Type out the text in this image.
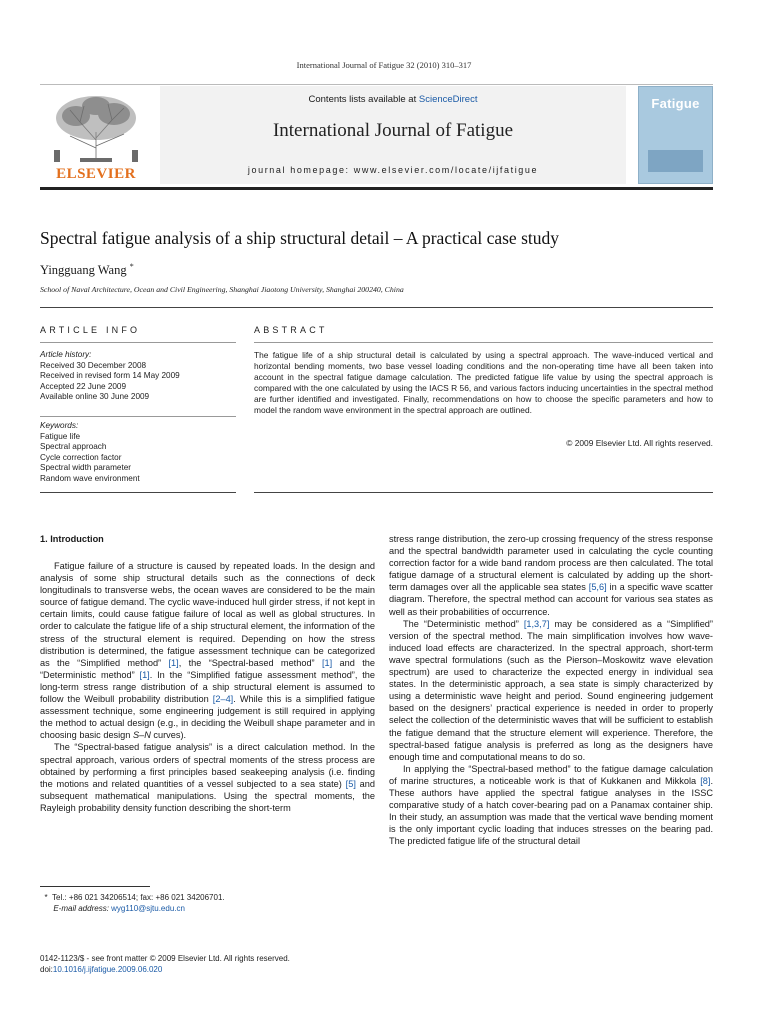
International Journal of Fatigue 32 (2010) 310–317
ELSEVIER
Contents lists available at ScienceDirect
International Journal of Fatigue
journal homepage: www.elsevier.com/locate/ijfatigue
Fatigue
Spectral fatigue analysis of a ship structural detail – A practical case study
Yingguang Wang *
School of Naval Architecture, Ocean and Civil Engineering, Shanghai Jiaotong University, Shanghai 200240, China
ARTICLE INFO
Article history:
Received 30 December 2008
Received in revised form 14 May 2009
Accepted 22 June 2009
Available online 30 June 2009
Keywords:
Fatigue life
Spectral approach
Cycle correction factor
Spectral width parameter
Random wave environment
ABSTRACT
The fatigue life of a ship structural detail is calculated by using a spectral approach. The wave-induced vertical and horizontal bending moments, two base vessel loading conditions and the non-operating time have all been taken into account in the spectral fatigue damage calculation. The predicted fatigue life value by using the spectral approach is compared with the one calculated by using the IACS R 56, and various factors inducing uncertainties in the spectral method are further identified and investigated. Finally, recommendations on how to choose the specific parameters and how to model the random wave environment in the spectral approach are outlined.
© 2009 Elsevier Ltd. All rights reserved.
1. Introduction

Fatigue failure of a structure is caused by repeated loads. In the design and analysis of some ship structural details such as the connections of deck longitudinals to transverse webs, the ocean waves are considered to be the main source of fatigue demand. The cyclic wave-induced hull girder stress, if not kept in certain limits, could cause fatigue failure of local as well as global structures. In order to calculate the fatigue life of a ship structural element, the information of the stress of the structural element is required. Depending on how the stress distribution is determined, the fatigue assessment technique can be categorized as the “Simplified method” [1], the “Spectral-based method” [1] and the “Deterministic method” [1]. In the “Simplified fatigue assessment method”, the long-term stress range distribution of a ship structural element is assumed to follow the Weibull probability distribution [2–4]. While this is a simplified fatigue assessment technique, some engineering judgement is still required in applying the method to actual design (e.g., in deciding the Weibull shape parameter and in choosing basic design S–N curves).

The “Spectral-based fatigue analysis” is a direct calculation method. In the spectral approach, various orders of spectral moments of the stress process are obtained by performing a first principles based seakeeping analysis (i.e. finding the motions and related quantities of a vessel subjected to a sea state) [5] and subsequent mathematical manipulations. Using the spectral moments, the Rayleigh probability density function describing the short-term

stress range distribution, the zero-up crossing frequency of the stress response and the spectral bandwidth parameter used in calculating the cycle counting correction factor for a wide band random process are then calculated. The total fatigue damage of a structural element is calculated by adding up the short-term damages over all the applicable sea states [5,6] in a specific wave scatter diagram. Therefore, the spectral method can account for various sea states as well as their probabilities of occurrence.

The “Deterministic method” [1,3,7] may be considered as a “Simplified” version of the spectral method. The main simplification involves how wave-induced load effects are characterized. In the spectral approach, short-term wave spectral formulations (such as the Pierson–Moskowitz wave elevation spectrum) are used to characterize the expected energy in individual sea states. In the deterministic approach, a sea state is simply characterized by using a deterministic wave height and period. Sound engineering judgement based on the designers’ practical experience is needed in order to properly select the collection of the deterministic waves that will be sufficient to establish the fatigue demand that the structure element will experience. Therefore, the spectral-based fatigue analysis is preferred as long as the designers have enough time and computational means to do so.

In applying the “Spectral-based method” to the fatigue damage calculation of marine structures, a noticeable work is that of Kukkanen and Mikkola [8]. These authors have applied the spectral fatigue analyses in the ISSC comparative study of a hatch cover-bearing pad on a Panamax container ship. In their study, an assumption was made that the vertical wave bending moment is the only important cyclic loading that induces stresses on the bearing pad. The predicted fatigue life of the structural detail

* Tel.: +86 021 34206514; fax: +86 021 34206701.
E-mail address: wyg110@sjtu.edu.cn
0142-1123/$ - see front matter © 2009 Elsevier Ltd. All rights reserved.
doi:10.1016/j.ijfatigue.2009.06.020
